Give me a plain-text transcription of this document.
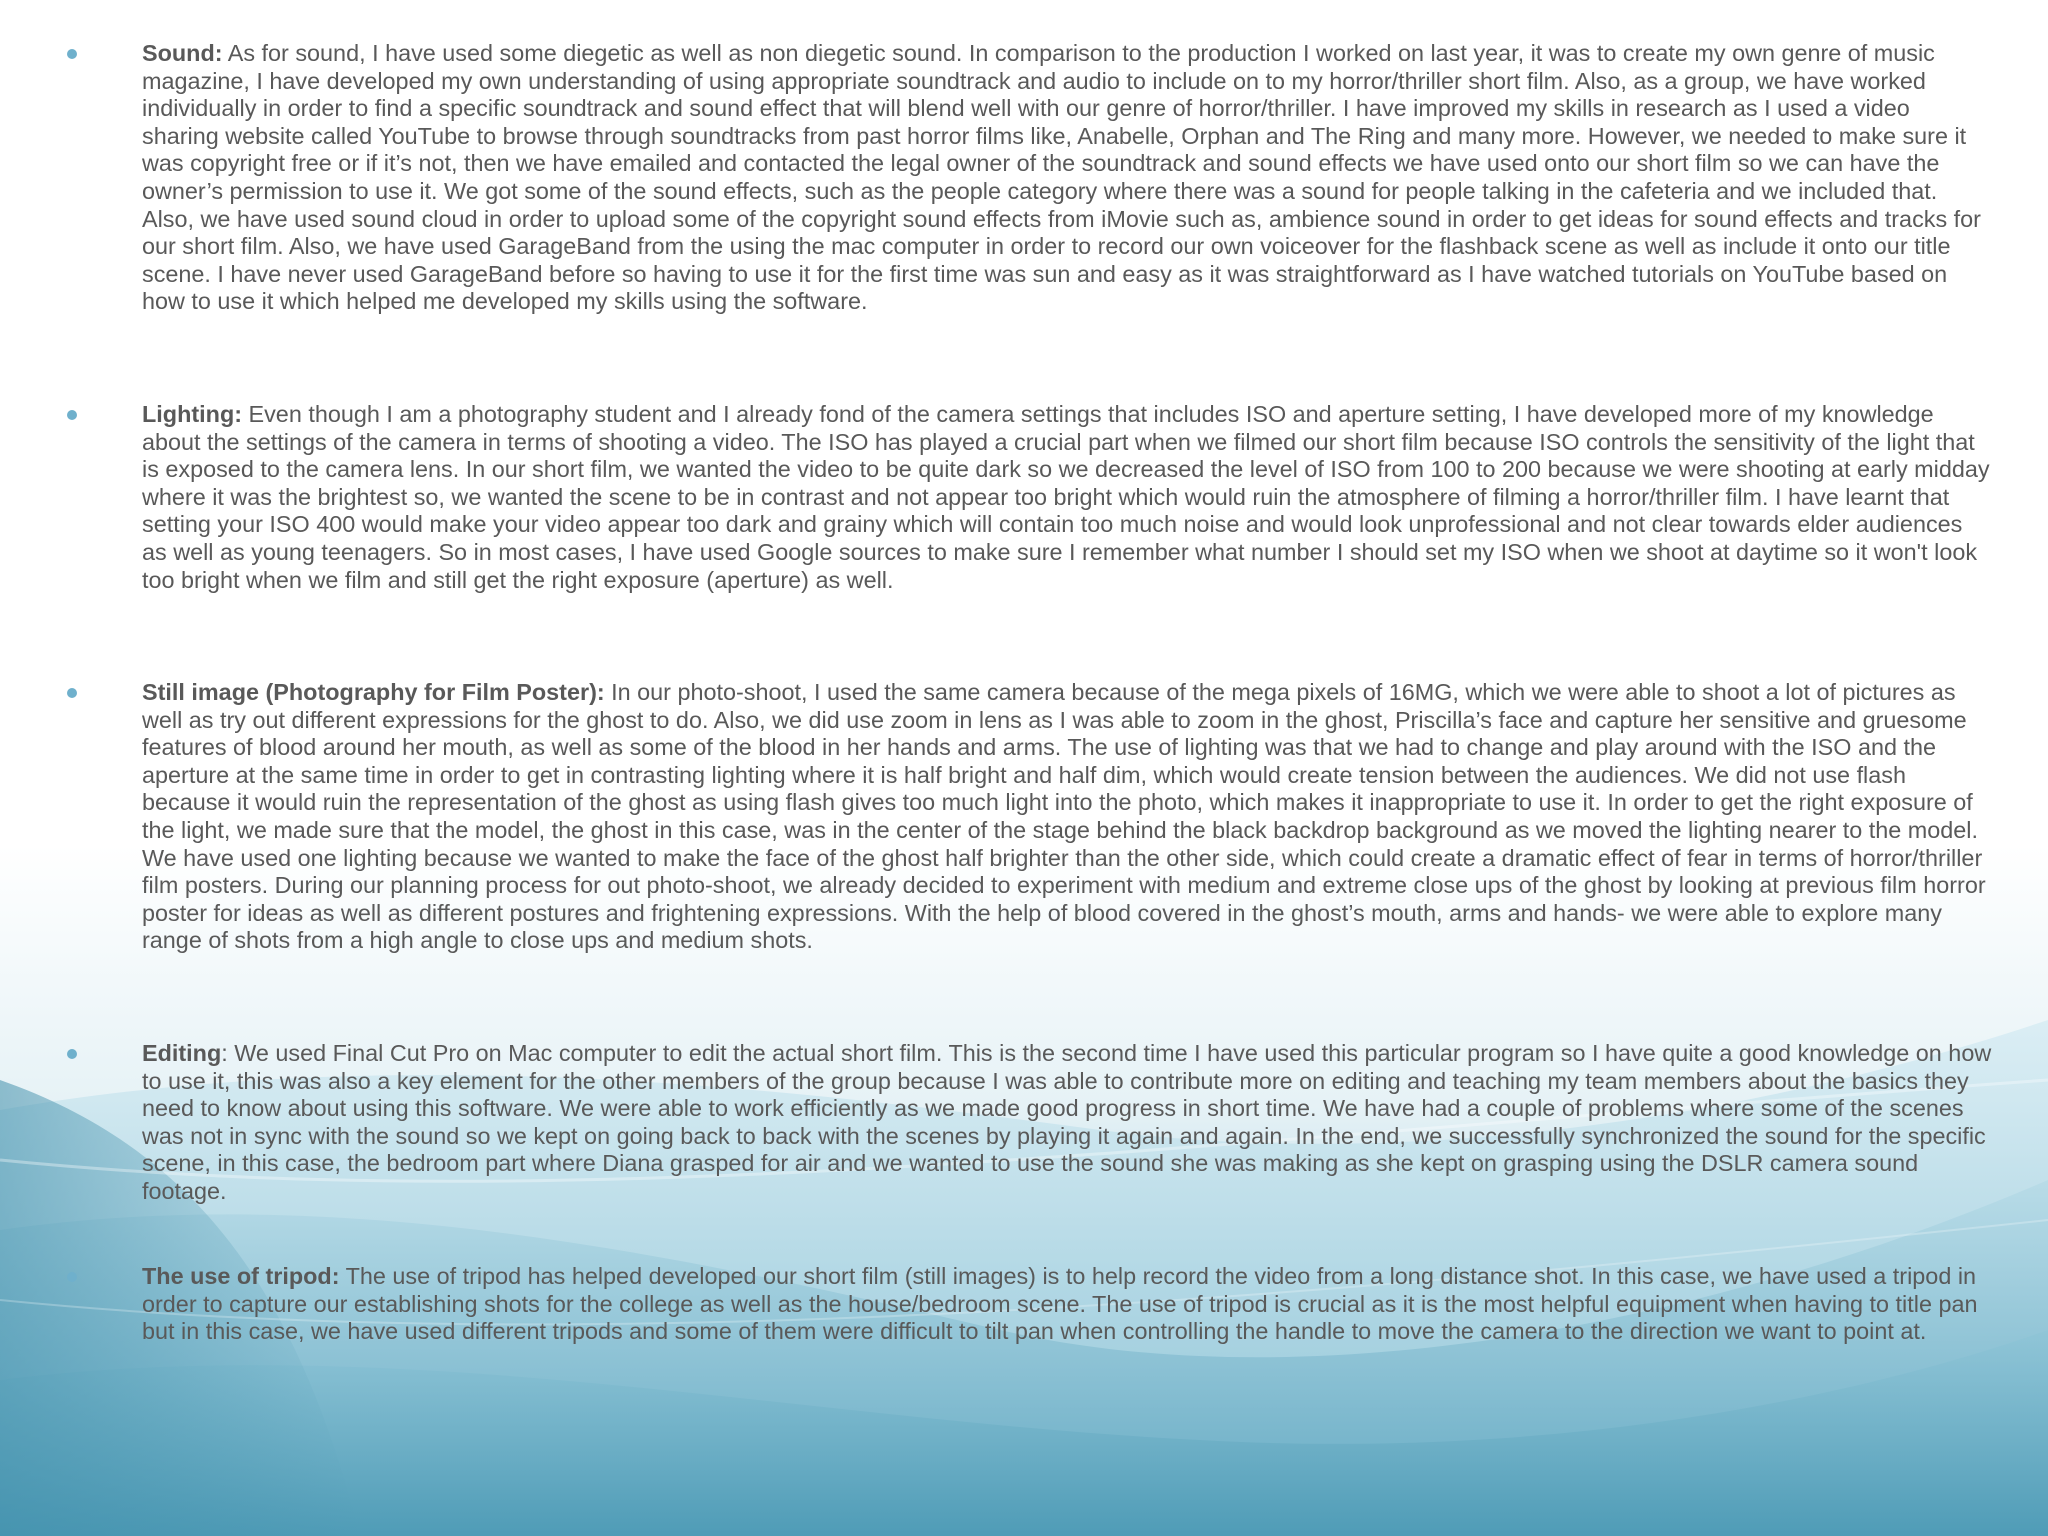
Sound: As for sound, I have used some diegetic as well as non diegetic sound. In comparison to the production I worked on last year, it was to create my own genre of music magazine, I have developed my own understanding of using appropriate soundtrack and audio to include on to my horror/thriller short film. Also, as a group, we have worked individually in order to find a specific soundtrack and sound effect that will blend well with our genre of horror/thriller. I have improved my skills in research as I used a video sharing website called YouTube to browse through soundtracks from past horror films like, Anabelle, Orphan and The Ring and many more. However, we needed to make sure it was copyright free or if it’s not, then we have emailed and contacted the legal owner of the soundtrack and sound effects we have used onto our short film so we can have the owner’s permission to use it. We got some of the sound effects, such as the people category where there was a sound for people talking in the cafeteria and we included that. Also, we have used sound cloud in order to upload some of the copyright sound effects from iMovie such as, ambience sound in order to get ideas for sound effects and tracks for our short film. Also, we have used GarageBand from the using the mac computer in order to record our own voiceover for the flashback scene as well as include it onto our title scene. I have never used GarageBand before so having to use it for the first time was sun and easy as it was straightforward as I have watched tutorials on YouTube based on how to use it which helped me developed my skills using the software.

Lighting: Even though I am a photography student and I already fond of the camera settings that includes ISO and aperture setting, I have developed more of my knowledge about the settings of the camera in terms of shooting a video. The ISO has played a crucial part when we filmed our short film because ISO controls the sensitivity of the light that is exposed to the camera lens. In our short film, we wanted the video to be quite dark so we decreased the level of ISO from 100 to 200 because we were shooting at early midday where it was the brightest so, we wanted the scene to be in contrast and not appear too bright which would ruin the atmosphere of filming a horror/thriller film. I have learnt that setting your ISO 400 would make your video appear too dark and grainy which will contain too much noise and would look unprofessional and not clear towards elder audiences as well as young teenagers. So in most cases, I have used Google sources to make sure I remember what number I should set my ISO when we shoot at daytime so it won't look too bright when we film and still get the right exposure (aperture) as well.

Still image (Photography for Film Poster): In our photo-shoot, I used the same camera because of the mega pixels of 16MG, which we were able to shoot a lot of pictures as well as try out different expressions for the ghost to do. Also, we did use zoom in lens as I was able to zoom in the ghost, Priscilla’s face and capture her sensitive and gruesome features of blood around her mouth, as well as some of the blood in her hands and arms. The use of lighting was that we had to change and play around with the ISO and the aperture at the same time in order to get in contrasting lighting where it is half bright and half dim, which would create tension between the audiences. We did not use flash because it would ruin the representation of the ghost as using flash gives too much light into the photo, which makes it inappropriate to use it. In order to get the right exposure of the light, we made sure that the model, the ghost in this case, was in the center of the stage behind the black backdrop background as we moved the lighting nearer to the model. We have used one lighting because we wanted to make the face of the ghost half brighter than the other side, which could create a dramatic effect of fear in terms of horror/thriller film posters. During our planning process for out photo-shoot, we already decided to experiment with medium and extreme close ups of the ghost by looking at previous film horror poster for ideas as well as different postures and frightening expressions. With the help of blood covered in the ghost’s mouth, arms and hands- we were able to explore many range of shots from a high angle to close ups and medium shots.

Editing: We used Final Cut Pro on Mac computer to edit the actual short film. This is the second time I have used this particular program so I have quite a good knowledge on how to use it, this was also a key element for the other members of the group because I was able to contribute more on editing and teaching my team members about the basics they need to know about using this software. We were able to work efficiently as we made good progress in short time. We have had a couple of problems where some of the scenes was not in sync with the sound so we kept on going back to back with the scenes by playing it again and again. In the end, we successfully synchronized the sound for the specific scene, in this case, the bedroom part where Diana grasped for air and we wanted to use the sound she was making as she kept on grasping using the DSLR camera sound footage.

The use of tripod: The use of tripod has helped developed our short film (still images) is to help record the video from a long distance shot. In this case, we have used a tripod in order to capture our establishing shots for the college as well as the house/bedroom scene. The use of tripod is crucial as it is the most helpful equipment when having to title pan but in this case, we have used different tripods and some of them were difficult to tilt pan when controlling the handle to move the camera to the direction we want to point at.
